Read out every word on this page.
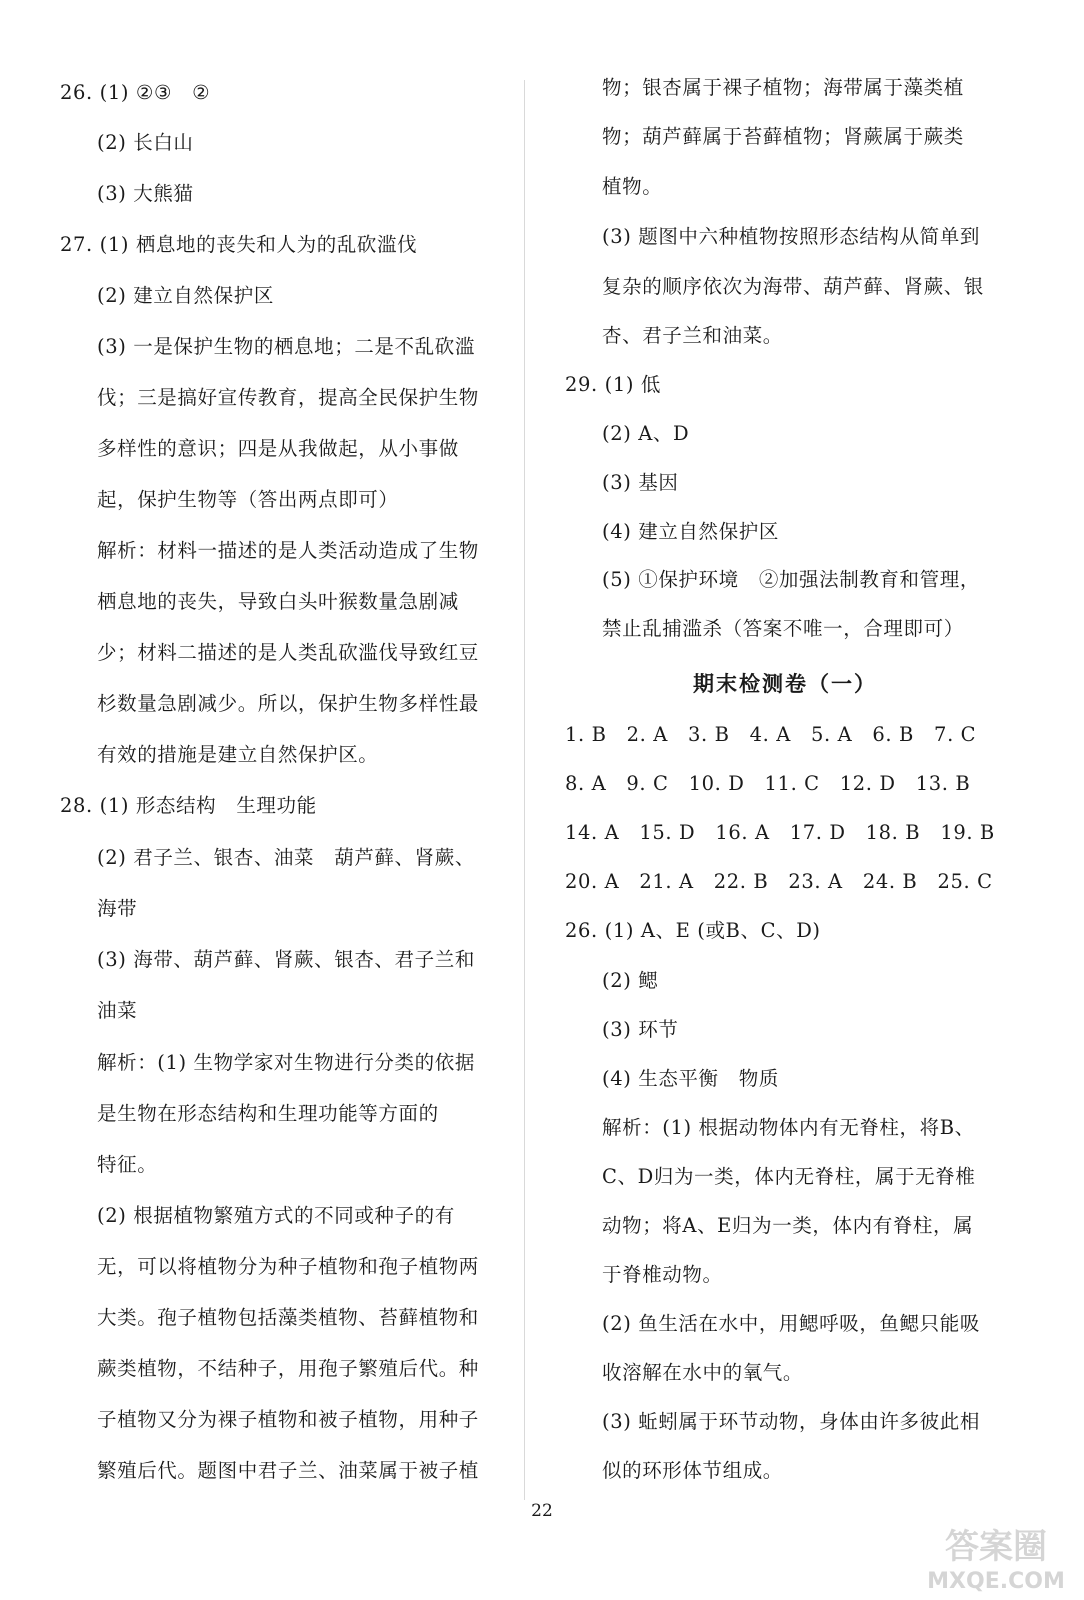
26. (1) ②③　②
(2) 长白山
(3) 大熊猫
27. (1) 栖息地的丧失和人为的乱砍滥伐
(2) 建立自然保护区
(3) 一是保护生物的栖息地；二是不乱砍滥
伐；三是搞好宣传教育，提高全民保护生物
多样性的意识；四是从我做起，从小事做
起，保护生物等（答出两点即可）
解析：材料一描述的是人类活动造成了生物
栖息地的丧失，导致白头叶猴数量急剧减
少；材料二描述的是人类乱砍滥伐导致红豆
杉数量急剧减少。所以，保护生物多样性最
有效的措施是建立自然保护区。
28. (1) 形态结构　生理功能
(2) 君子兰、银杏、油菜　葫芦藓、肾蕨、
海带
(3) 海带、葫芦藓、肾蕨、银杏、君子兰和
油菜
解析：(1) 生物学家对生物进行分类的依据
是生物在形态结构和生理功能等方面的
特征。
(2) 根据植物繁殖方式的不同或种子的有
无，可以将植物分为种子植物和孢子植物两
大类。孢子植物包括藻类植物、苔藓植物和
蕨类植物，不结种子，用孢子繁殖后代。种
子植物又分为裸子植物和被子植物，用种子
繁殖后代。题图中君子兰、油菜属于被子植
物；银杏属于裸子植物；海带属于藻类植
物；葫芦藓属于苔藓植物；肾蕨属于蕨类
植物。
(3) 题图中六种植物按照形态结构从简单到
复杂的顺序依次为海带、葫芦藓、肾蕨、银
杏、君子兰和油菜。
29. (1) 低
(2) A、D
(3) 基因
(4) 建立自然保护区
(5) ①保护环境　②加强法制教育和管理，
禁止乱捕滥杀（答案不唯一，合理即可）
期末检测卷（一）
1. B　2. A　3. B　4. A　5. A　6. B　7. C
8. A　9. C　10. D　11. C　12. D　13. B
14. A　15. D　16. A　17. D　18. B　19. B
20. A　21. A　22. B　23. A　24. B　25. C
26. (1) A、E (或B、C、D)
(2) 鳃
(3) 环节
(4) 生态平衡　物质
解析：(1) 根据动物体内有无脊柱，将B、
C、D归为一类，体内无脊柱，属于无脊椎
动物；将A、E归为一类，体内有脊柱，属
于脊椎动物。
(2) 鱼生活在水中，用鳃呼吸，鱼鳃只能吸
收溶解在水中的氧气。
(3) 蚯蚓属于环节动物，身体由许多彼此相
似的环形体节组成。
22
答案圈
MXQE.COM
